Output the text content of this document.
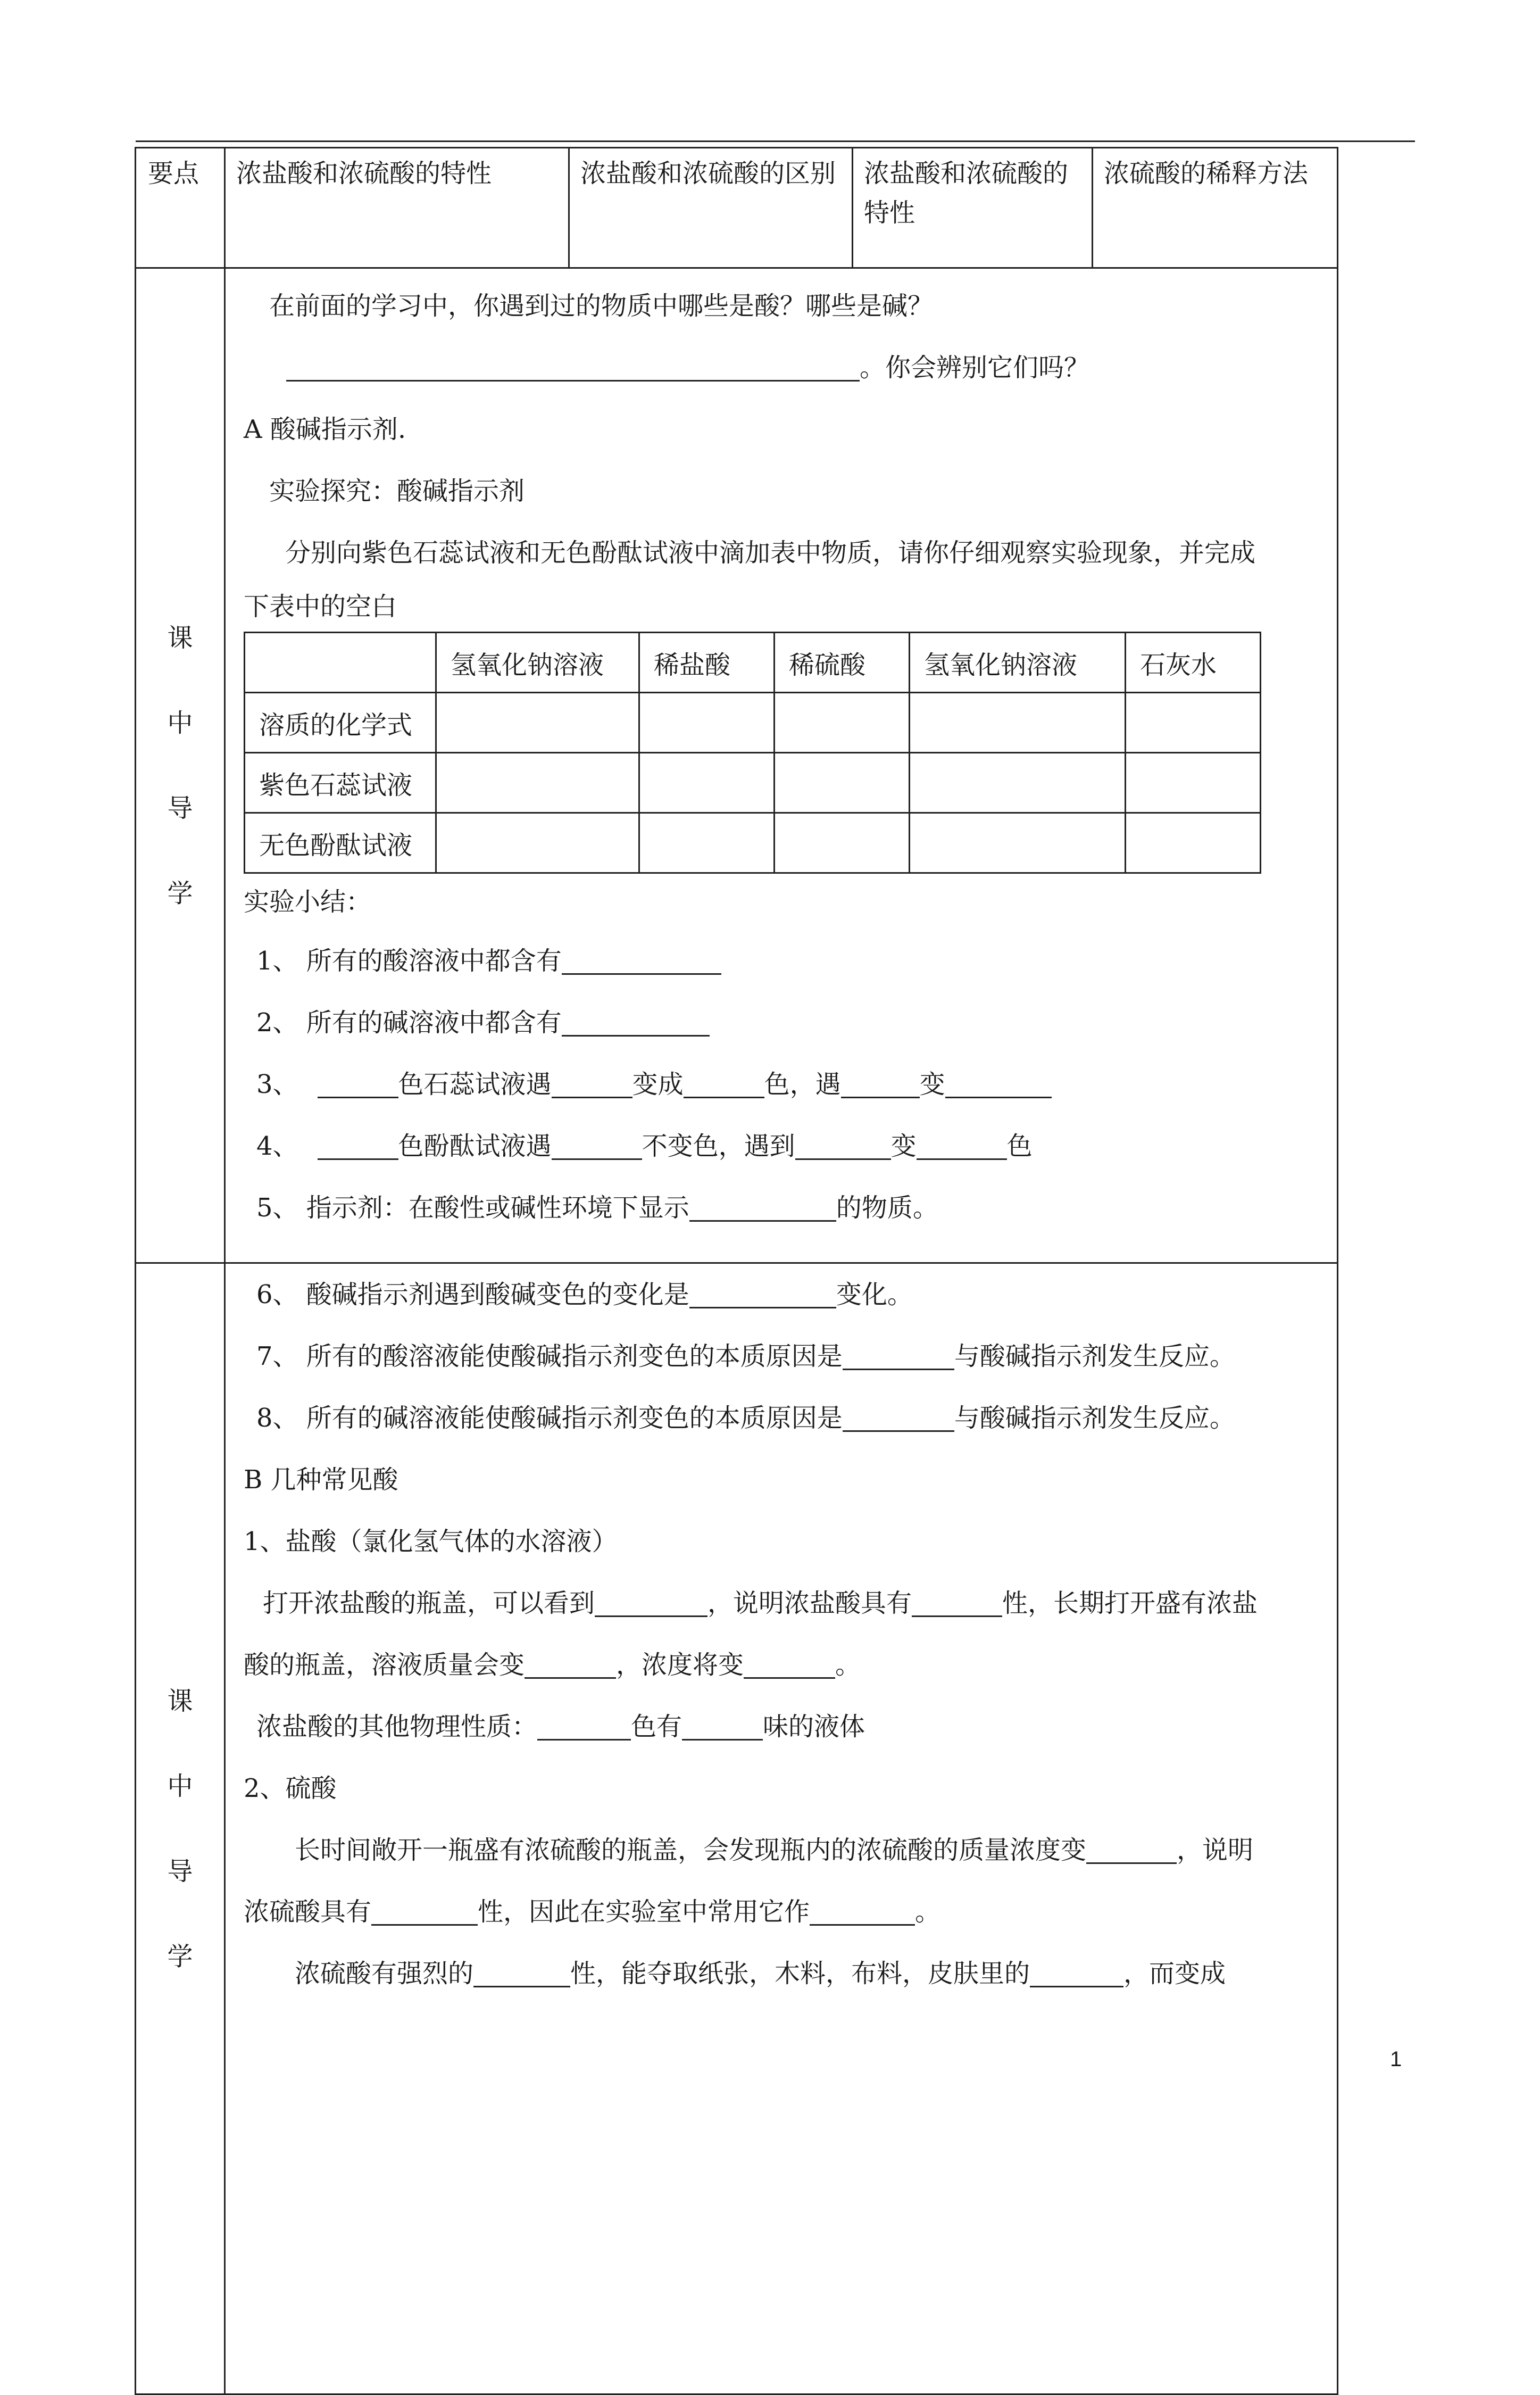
要点	浓盐酸和浓硫酸的特性	浓盐酸和浓硫酸的区别	浓盐酸和浓硫酸的特性	浓硫酸的稀释方法

课
中
导
学

在前面的学习中，你遇到过的物质中哪些是酸？哪些是碱？
。你会辨别它们吗？
A 酸碱指示剂.
实验探究：酸碱指示剂
分别向紫色石蕊试液和无色酚酞试液中滴加表中物质，请你仔细观察实验现象，并完成
下表中的空白
	氢氧化钠溶液	稀盐酸	稀硫酸	氢氧化钠溶液	石灰水
溶质的化学式					
紫色石蕊试液					
无色酚酞试液					
实验小结：
1、 所有的酸溶液中都含有
2、 所有的碱溶液中都含有
3、	色石蕊试液遇	变成	色，遇	变
4、	色酚酞试液遇	不变色，遇到	变	色
5、 指示剂：在酸性或碱性环境下显示	的物质。

课
中
导
学

6、 酸碱指示剂遇到酸碱变色的变化是	变化。
7、 所有的酸溶液能使酸碱指示剂变色的本质原因是	与酸碱指示剂发生反应。
8、 所有的碱溶液能使酸碱指示剂变色的本质原因是	与酸碱指示剂发生反应。
B 几种常见酸
1、盐酸（氯化氢气体的水溶液）
打开浓盐酸的瓶盖，可以看到	，说明浓盐酸具有	性，长期打开盛有浓盐
酸的瓶盖，溶液质量会变	，浓度将变	。
浓盐酸的其他物理性质：	色有	味的液体
2、硫酸
长时间敞开一瓶盛有浓硫酸的瓶盖，会发现瓶内的浓硫酸的质量浓度变	，说明
浓硫酸具有	性，因此在实验室中常用它作	。
浓硫酸有强烈的	性，能夺取纸张，木料，布料，皮肤里的	，而变成
1
